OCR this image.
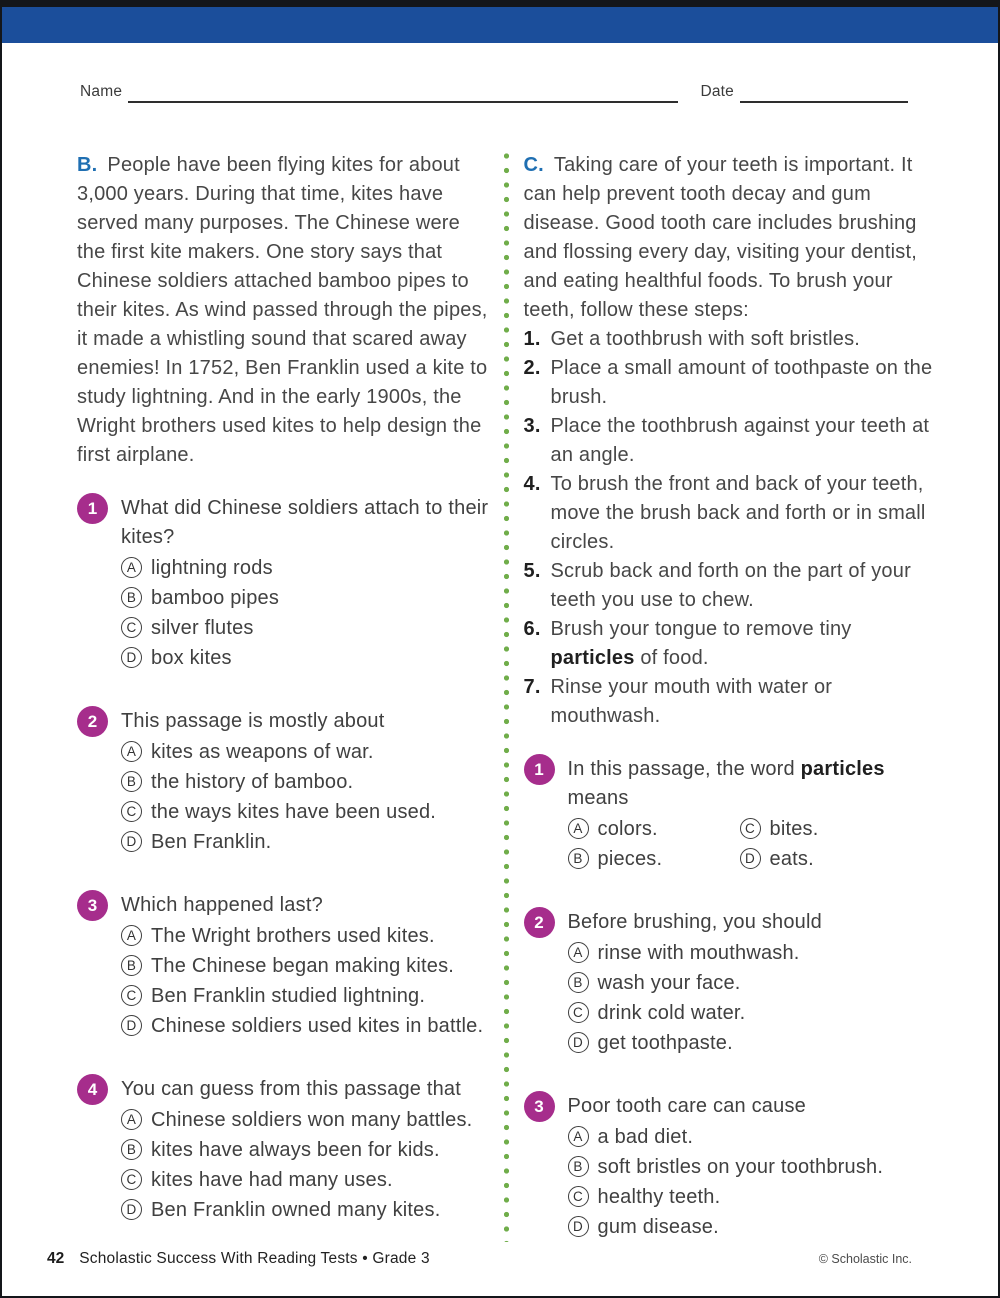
Name	Date

B. People have been flying kites for about 3,000 years. During that time, kites have served many purposes. The Chinese were the first kite makers. One story says that Chinese soldiers attached bamboo pipes to their kites. As wind passed through the pipes, it made a whistling sound that scared away enemies! In 1752, Ben Franklin used a kite to study lightning. And in the early 1900s, the Wright brothers used kites to help design the first airplane.

1	What did Chinese soldiers attach to their kites?
A lightning rods
B bamboo pipes
C silver flutes
D box kites
2	This passage is mostly about
A kites as weapons of war.
B the history of bamboo.
C the ways kites have been used.
D Ben Franklin.
3	Which happened last?
A The Wright brothers used kites.
B The Chinese began making kites.
C Ben Franklin studied lightning.
D Chinese soldiers used kites in battle.
4	You can guess from this passage that
A Chinese soldiers won many battles.
B kites have always been for kids.
C kites have had many uses.
D Ben Franklin owned many kites.

C. Taking care of your teeth is important. It can help prevent tooth decay and gum disease. Good tooth care includes brushing and flossing every day, visiting your dentist, and eating healthful foods. To brush your teeth, follow these steps:

1. Get a toothbrush with soft bristles.
2. Place a small amount of toothpaste on the brush.
3. Place the toothbrush against your teeth at an angle.
4. To brush the front and back of your teeth, move the brush back and forth or in small circles.
5. Scrub back and forth on the part of your teeth you use to chew.
6. Brush your tongue to remove tiny particles of food.
7. Rinse your mouth with water or mouthwash.
1	In this passage, the word particles means
A colors.
B pieces.
C bites.
D eats.
2	Before brushing, you should
A rinse with mouthwash.
B wash your face.
C drink cold water.
D get toothpaste.
3	Poor tooth care can cause
A a bad diet.
B soft bristles on your toothbrush.
C healthy teeth.
D gum disease.
42 Scholastic Success With Reading Tests • Grade 3	© Scholastic Inc.
